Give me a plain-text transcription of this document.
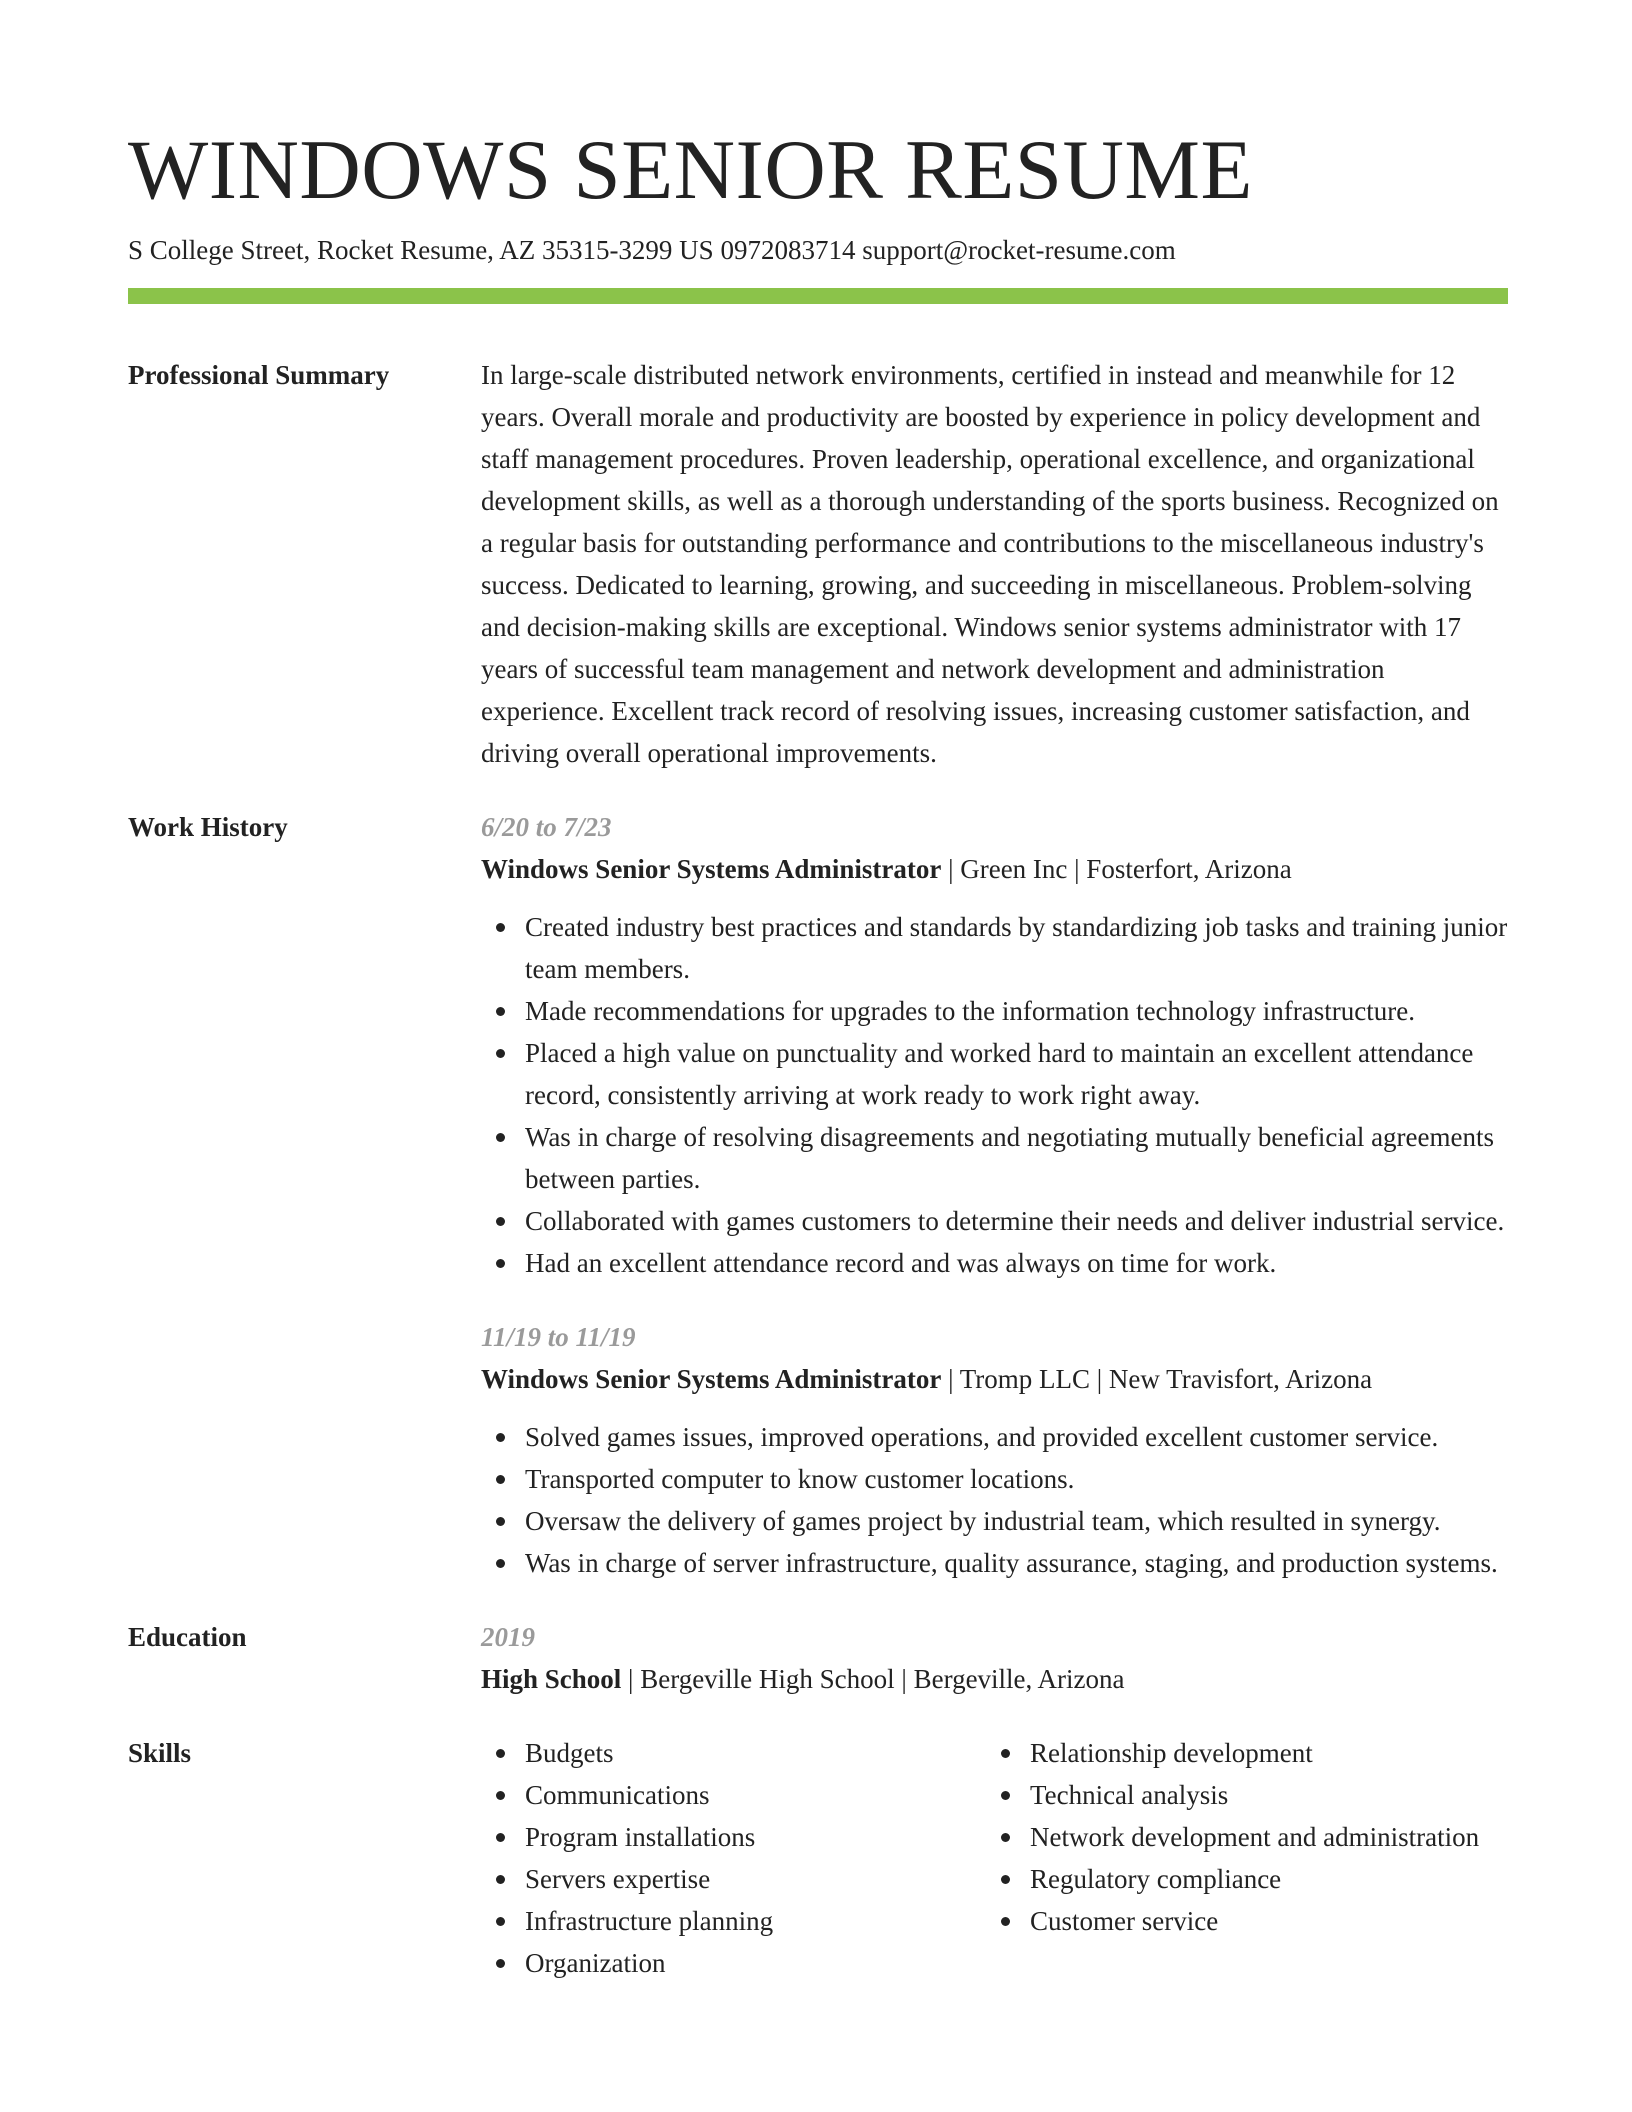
WINDOWS SENIOR RESUME
S College Street, Rocket Resume, AZ 35315-3299 US 0972083714 support@rocket-resume.com
Professional Summary	In large-scale distributed network environments, certified in instead and meanwhile for 12 years. Overall morale and productivity are boosted by experience in policy development and staff management procedures. Proven leadership, operational excellence, and organizational development skills, as well as a thorough understanding of the sports business. Recognized on a regular basis for outstanding performance and contributions to the miscellaneous industry's success. Dedicated to learning, growing, and succeeding in miscellaneous. Problem-solving and decision-making skills are exceptional. Windows senior systems administrator with 17 years of successful team management and network development and administration experience. Excellent track record of resolving issues, increasing customer satisfaction, and driving overall operational improvements.
Work History	6/20 to 7/23
Windows Senior Systems Administrator | Green Inc | Fosterfort, Arizona
Created industry best practices and standards by standardizing job tasks and training junior team members.
Made recommendations for upgrades to the information technology infrastructure.
Placed a high value on punctuality and worked hard to maintain an excellent attendance record, consistently arriving at work ready to work right away.
Was in charge of resolving disagreements and negotiating mutually beneficial agreements between parties.
Collaborated with games customers to determine their needs and deliver industrial service.
Had an excellent attendance record and was always on time for work.
11/19 to 11/19
Windows Senior Systems Administrator | Tromp LLC | New Travisfort, Arizona
Solved games issues, improved operations, and provided excellent customer service.
Transported computer to know customer locations.
Oversaw the delivery of games project by industrial team, which resulted in synergy.
Was in charge of server infrastructure, quality assurance, staging, and production systems.
Education	2019
High School | Bergeville High School | Bergeville, Arizona
Skills	Budgets
Communications
Program installations
Servers expertise
Infrastructure planning
Organization
Relationship development
Technical analysis
Network development and administration
Regulatory compliance
Customer service
